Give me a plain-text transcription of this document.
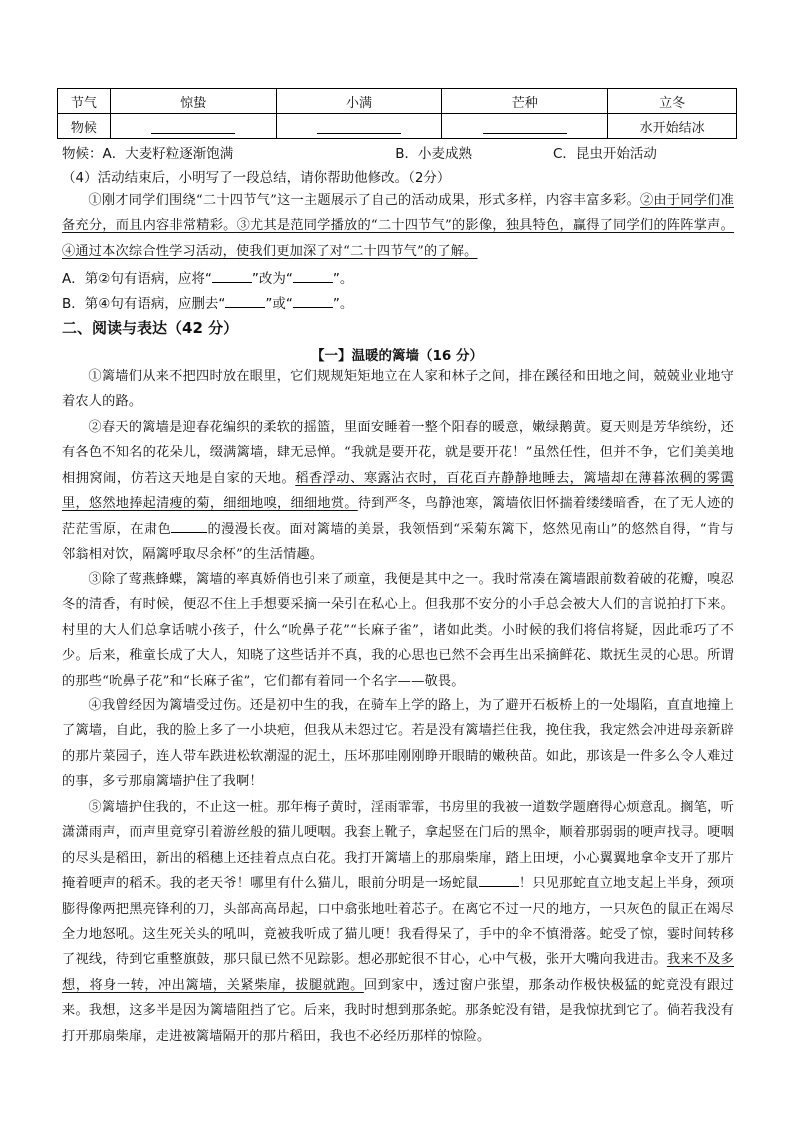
节气	惊蛰	小满	芒种	立冬
物候				水开始结冰
物候：A．大麦籽粒逐渐饱满　　　　　　　　　　　　B．小麦成熟　　　　　　C．昆虫开始活动
（4）活动结束后，小明写了一段总结，请你帮助他修改。（2分）
①刚才同学们围绕“二十四节气”这一主题展示了自己的活动成果，形式多样，内容丰富多彩。②由于同学们准备充分，而且内容非常精彩。③尤其是范同学播放的“二十四节气”的影像，独具特色，赢得了同学们的阵阵掌声。④通过本次综合性学习活动，使我们更加深了对“二十四节气”的了解。
A．第②句有语病，应将“	”改为“	”。
B．第④句有语病，应删去“	”或“	”。
二、阅读与表达（42 分）
【一】温暖的篱墙（16 分）
①篱墙们从来不把四时放在眼里，它们规规矩矩地立在人家和林子之间，排在蹊径和田地之间，兢兢业业地守着农人的路。
②春天的篱墙是迎春花编织的柔软的摇篮，里面安睡着一整个阳春的暖意，嫩绿鹅黄。夏天则是芳华缤纷，还有各色不知名的花朵儿，缀满篱墙，肆无忌惮。“我就是要开花，就是要开花！”虽然任性，但并不争，它们美美地相拥窝闹，仿若这天地是自家的天地。稻香浮动、寒露沾衣时，百花百卉静静地睡去，篱墙却在薄暮浓稠的雾霭里，悠然地捧起清瘦的菊，细细地嗅，细细地赏。待到严冬，鸟静池寒，篱墙依旧怀揣着缕缕暗香，在了无人迹的茫茫雪原，在肃色	的漫漫长夜。面对篱墙的美景，我领悟到“采菊东篱下，悠然见南山”的悠然自得，“肯与邻翁相对饮，隔篱呼取尽余杯”的生活情趣。
③除了莺燕蜂蝶，篱墙的率真娇俏也引来了顽童，我便是其中之一。我时常凑在篱墙跟前数着破的花瓣，嗅忍冬的清香，有时候，便忍不住上手想要采摘一朵引在私心上。但我那不安分的小手总会被大人们的言说拍打下来。村里的大人们总拿话唬小孩子，什么“吮鼻子花”“长麻子雀”，诸如此类。小时候的我们将信将疑，因此乖巧了不少。后来，稚童长成了大人，知晓了这些话并不真，我的心思也已然不会再生出采摘鲜花、欺抚生灵的心思。所谓的那些“吮鼻子花”和“长麻子雀”，它们都有着同一个名字——敬畏。
④我曾经因为篱墙受过伤。还是初中生的我，在骑车上学的路上，为了避开石板桥上的一处塌陷，直直地撞上了篱墙，自此，我的脸上多了一小块疤，但我从未怨过它。若是没有篱墙拦住我，挽住我，我定然会冲进母亲新辟的那片菜园子，连人带车跌进松软潮湿的泥土，压坏那哇刚刚睁开眼睛的嫩秧苗。如此，那该是一件多么令人难过的事，多亏那扇篱墙护住了我啊！
⑤篱墙护住我的，不止这一桩。那年梅子黄时，淫雨霏霏，书房里的我被一道数学题磨得心烦意乱。搁笔，听潇潇雨声，而声里竟穿引着游丝般的猫儿哽咽。我套上靴子，拿起竖在门后的黑伞，顺着那弱弱的哽声找寻。哽咽的尽头是稻田，新出的稻穗上还挂着点点白花。我打开篱墙上的那扇柴扉，踏上田埂，小心翼翼地拿伞支开了那片掩着哽声的稻禾。我的老天爷！哪里有什么猫儿，眼前分明是一场蛇鼠	！只见那蛇直立地支起上半身，颈项膨得像两把黑亮锋利的刀，头部高高昂起，口中翕张地吐着芯子。在离它不过一尺的地方，一只灰色的鼠正在竭尽全力地怒吼。这生死关头的吼叫，竟被我听成了猫儿哽！我看得呆了，手中的伞不慎滑落。蛇受了惊，霎时间转移了视线，待到它重整旗鼓，那只鼠已然不见踪影。想必那蛇很不甘心，心中气极，张开大嘴向我进击。我来不及多想，将身一转，冲出篱墙，关紧柴扉，拔腿就跑。回到家中，透过窗户张望，那条动作极快极猛的蛇竟没有跟过来。我想，这多半是因为篱墙阻挡了它。后来，我时时想到那条蛇。那条蛇没有错，是我惊扰到它了。倘若我没有打开那扇柴扉，走进被篱墙隔开的那片稻田，我也不必经历那样的惊险。
